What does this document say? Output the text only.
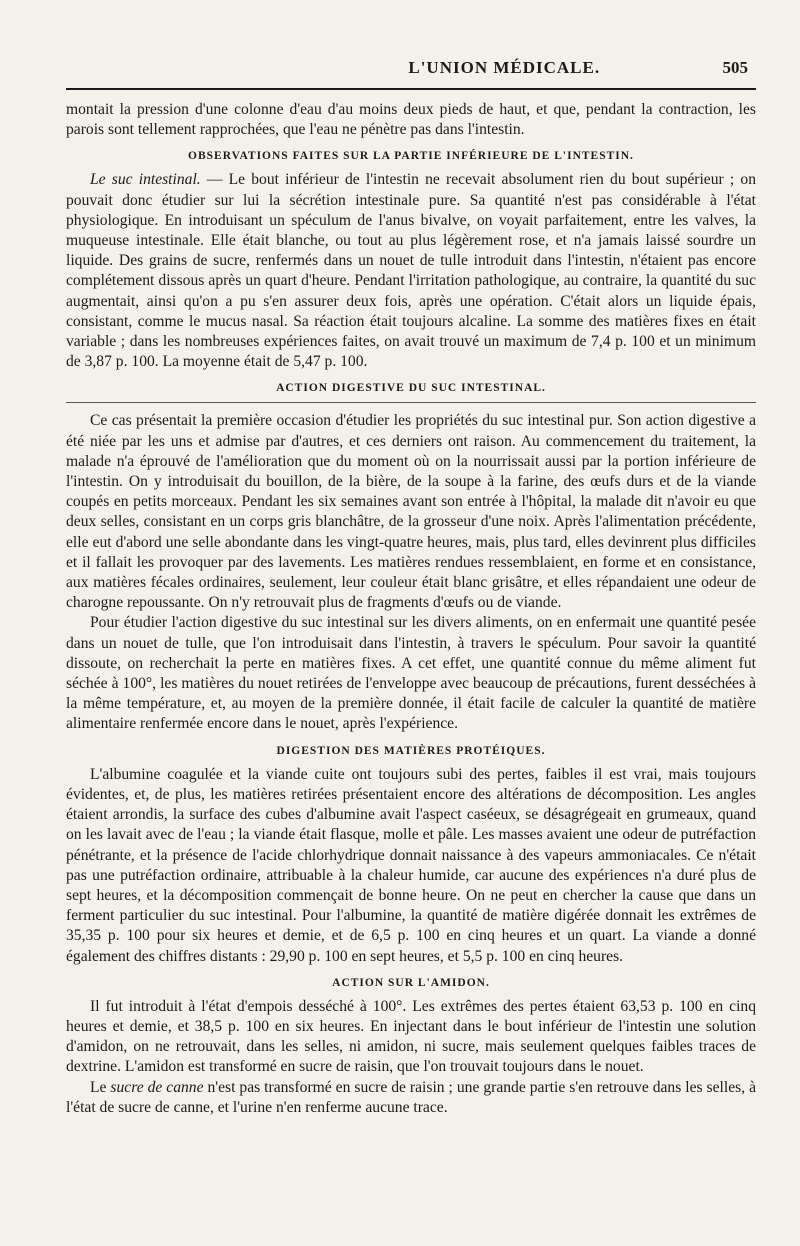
L'UNION MÉDICALE.	505

montait la pression d'une colonne d'eau d'au moins deux pieds de haut, et que, pendant la contraction, les parois sont tellement rapprochées, que l'eau ne pénètre pas dans l'intestin.

OBSERVATIONS FAITES SUR LA PARTIE INFÉRIEURE DE L'INTESTIN.

Le suc intestinal. — Le bout inférieur de l'intestin ne recevait absolument rien du bout supérieur ; on pouvait donc étudier sur lui la sécrétion intestinale pure. Sa quantité n'est pas considérable à l'état physiologique. En introduisant un spéculum de l'anus bivalve, on voyait parfaitement, entre les valves, la muqueuse intestinale. Elle était blanche, ou tout au plus légèrement rose, et n'a jamais laissé sourdre un liquide. Des grains de sucre, renfermés dans un nouet de tulle introduit dans l'intestin, n'étaient pas encore complétement dissous après un quart d'heure. Pendant l'irritation pathologique, au contraire, la quantité du suc augmentait, ainsi qu'on a pu s'en assurer deux fois, après une opération. C'était alors un liquide épais, consistant, comme le mucus nasal. Sa réaction était toujours alcaline. La somme des matières fixes en était variable ; dans les nombreuses expériences faites, on avait trouvé un maximum de 7,4 p. 100 et un minimum de 3,87 p. 100. La moyenne était de 5,47 p. 100.

ACTION DIGESTIVE DU SUC INTESTINAL.

Ce cas présentait la première occasion d'étudier les propriétés du suc intestinal pur. Son action digestive a été niée par les uns et admise par d'autres, et ces derniers ont raison. Au commencement du traitement, la malade n'a éprouvé de l'amélioration que du moment où on la nourrissait aussi par la portion inférieure de l'intestin. On y introduisait du bouillon, de la bière, de la soupe à la farine, des œufs durs et de la viande coupés en petits morceaux. Pendant les six semaines avant son entrée à l'hôpital, la malade dit n'avoir eu que deux selles, consistant en un corps gris blanchâtre, de la grosseur d'une noix. Après l'alimentation précédente, elle eut d'abord une selle abondante dans les vingt-quatre heures, mais, plus tard, elles devinrent plus difficiles et il fallait les provoquer par des lavements. Les matières rendues ressemblaient, en forme et en consistance, aux matières fécales ordinaires, seulement, leur couleur était blanc grisâtre, et elles répandaient une odeur de charogne repoussante. On n'y retrouvait plus de fragments d'œufs ou de viande.

Pour étudier l'action digestive du suc intestinal sur les divers aliments, on en enfermait une quantité pesée dans un nouet de tulle, que l'on introduisait dans l'intestin, à travers le spéculum. Pour savoir la quantité dissoute, on recherchait la perte en matières fixes. A cet effet, une quantité connue du même aliment fut séchée à 100°, les matières du nouet retirées de l'enveloppe avec beaucoup de précautions, furent desséchées à la même température, et, au moyen de la première donnée, il était facile de calculer la quantité de matière alimentaire renfermée encore dans le nouet, après l'expérience.

DIGESTION DES MATIÈRES PROTÉIQUES.

L'albumine coagulée et la viande cuite ont toujours subi des pertes, faibles il est vrai, mais toujours évidentes, et, de plus, les matières retirées présentaient encore des altérations de décomposition. Les angles étaient arrondis, la surface des cubes d'albumine avait l'aspect caséeux, se désagrégeait en grumeaux, quand on les lavait avec de l'eau ; la viande était flasque, molle et pâle. Les masses avaient une odeur de putréfaction pénétrante, et la présence de l'acide chlorhydrique donnait naissance à des vapeurs ammoniacales. Ce n'était pas une putréfaction ordinaire, attribuable à la chaleur humide, car aucune des expériences n'a duré plus de sept heures, et la décomposition commençait de bonne heure. On ne peut en chercher la cause que dans un ferment particulier du suc intestinal. Pour l'albumine, la quantité de matière digérée donnait les extrêmes de 35,35 p. 100 pour six heures et demie, et de 6,5 p. 100 en cinq heures et un quart. La viande a donné également des chiffres distants : 29,90 p. 100 en sept heures, et 5,5 p. 100 en cinq heures.

ACTION SUR L'AMIDON.

Il fut introduit à l'état d'empois desséché à 100°. Les extrêmes des pertes étaient 63,53 p. 100 en cinq heures et demie, et 38,5 p. 100 en six heures. En injectant dans le bout inférieur de l'intestin une solution d'amidon, on ne retrouvait, dans les selles, ni amidon, ni sucre, mais seulement quelques faibles traces de dextrine. L'amidon est transformé en sucre de raisin, que l'on trouvait toujours dans le nouet.

Le sucre de canne n'est pas transformé en sucre de raisin ; une grande partie s'en retrouve dans les selles, à l'état de sucre de canne, et l'urine n'en renferme aucune trace.
